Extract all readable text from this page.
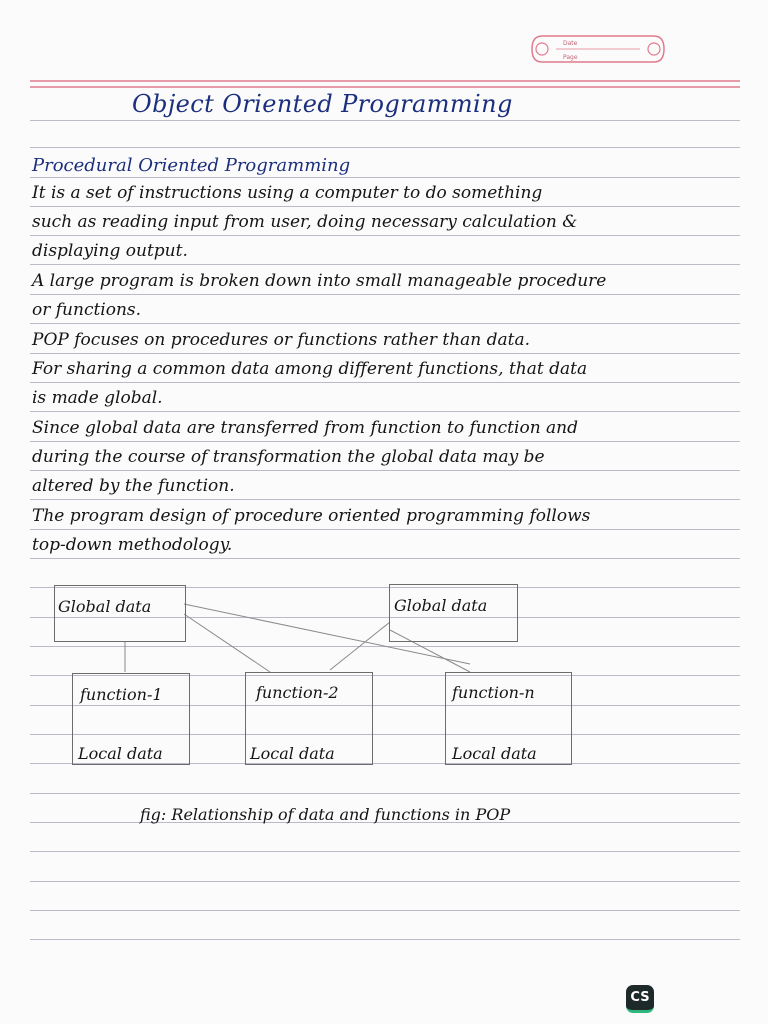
Date
Page
Object Oriented Programming
Procedural Oriented Programming
It is a set of instructions using a computer to do something
such as reading input from user, doing necessary calculation &
displaying output.
A large program is broken down into small manageable procedure
or functions.
POP focuses on procedures or functions rather than data.
For sharing a common data among different functions, that data
is made global.
Since global data are transferred from function to function and
during the course of transformation the global data may be
altered by the function.
The program design of procedure oriented programming follows
top-down methodology.
Global data	Global data
function-1
Local data
function-2
Local data
function-n
Local data
fig: Relationship of data and functions in POP
CS
